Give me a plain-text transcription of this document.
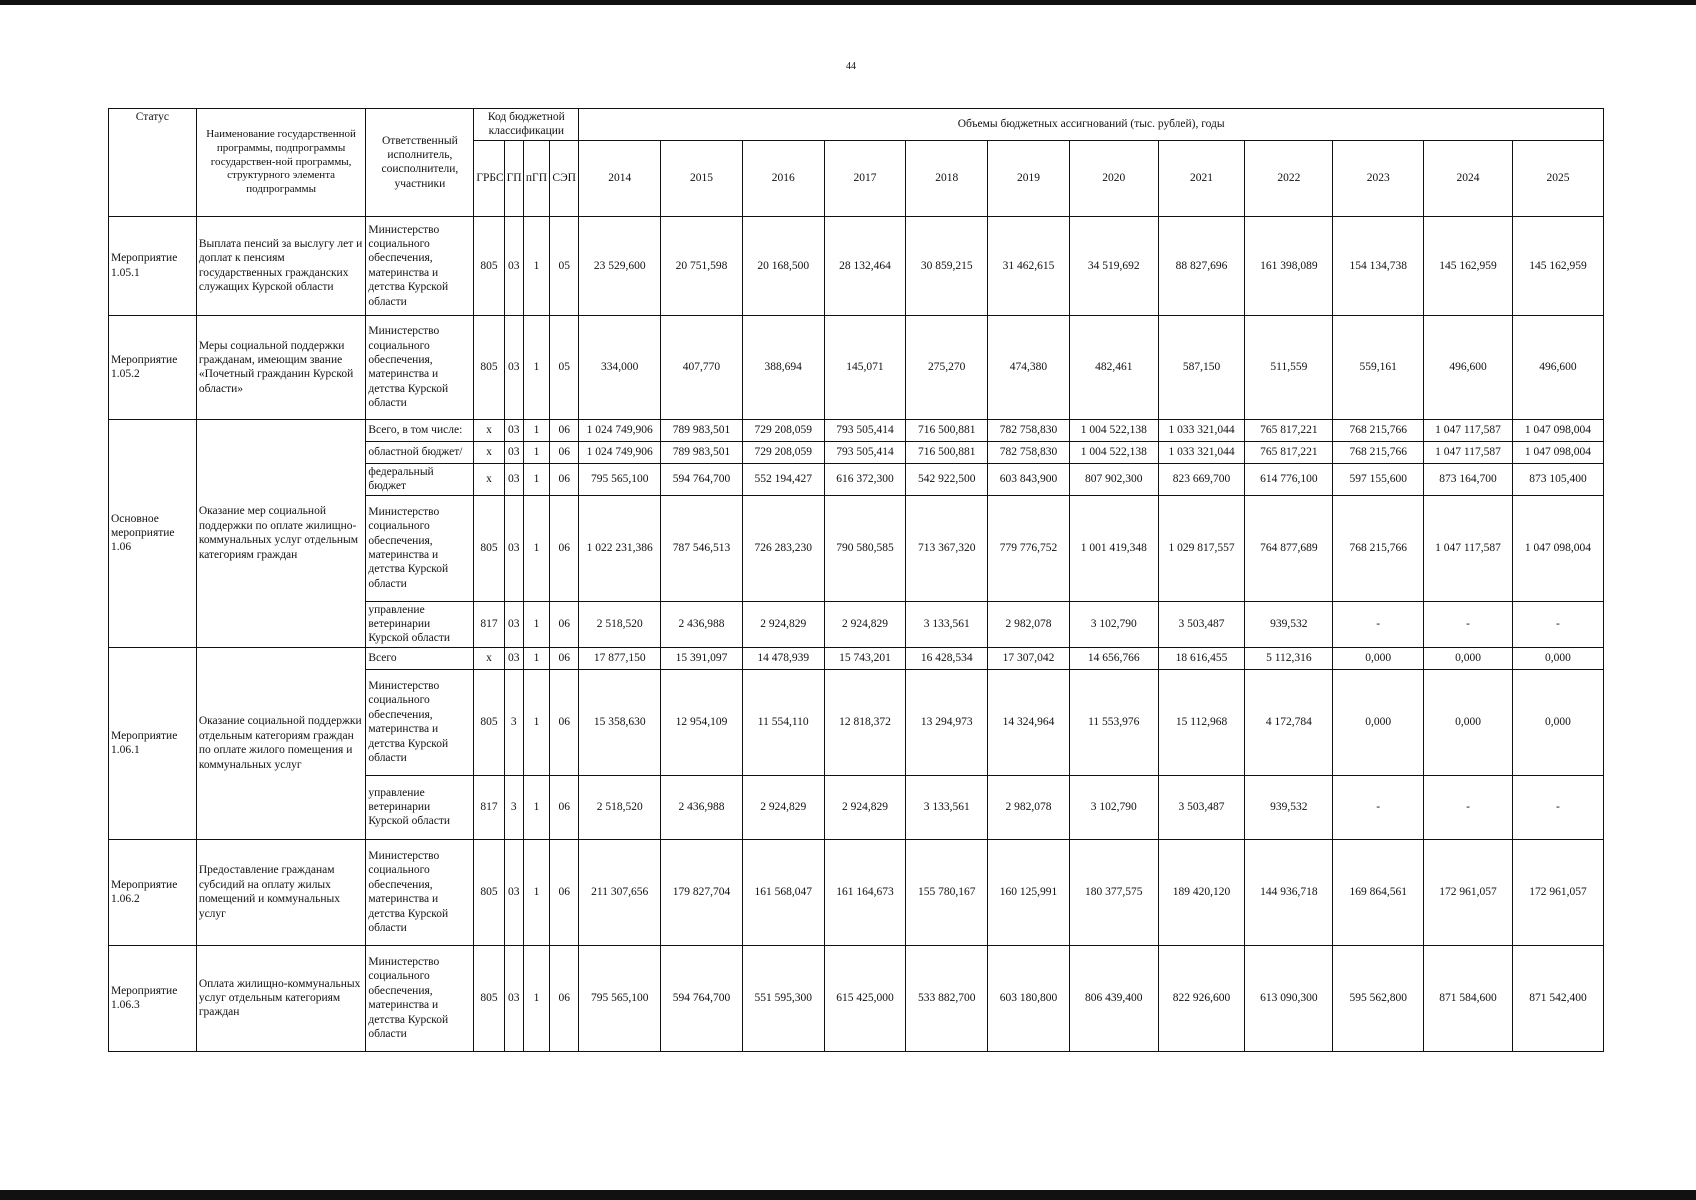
44
Статус	Наименование государственной программы, подпрограммы государствен-ной программы, структурного элемента подпрограммы	Ответственный исполнитель, соисполнители, участники	Код бюджетной классификации				Объемы бюджетных ассигнований (тыс. рублей), годы											
			ГРБС	ГП	пГП	СЭП	2014	2015	2016	2017	2018	2019	2020	2021	2022	2023	2024	2025
Мероприятие 1.05.1	Выплата пенсий за выслугу лет и доплат к пенсиям государственных гражданских служащих Курской области	Министерство социального обеспечения, материнства и детства Курской области	805	03	1	05	23 529,600	20 751,598	20 168,500	28 132,464	30 859,215	31 462,615	34 519,692	88 827,696	161 398,089	154 134,738	145 162,959	145 162,959
Мероприятие 1.05.2	Меры социальной поддержки гражданам, имеющим звание «Почетный гражданин Курской области»	Министерство социального обеспечения, материнства и детства Курской области	805	03	1	05	334,000	407,770	388,694	145,071	275,270	474,380	482,461	587,150	511,559	559,161	496,600	496,600
Основное мероприятие 1.06	Оказание мер социальной поддержки по оплате жилищно-коммунальных услуг отдельным категориям граждан	Всего, в том числе:	x	03	1	06	1 024 749,906	789 983,501	729 208,059	793 505,414	716 500,881	782 758,830	1 004 522,138	1 033 321,044	765 817,221	768 215,766	1 047 117,587	1 047 098,004
		областной бюджет/	x	03	1	06	1 024 749,906	789 983,501	729 208,059	793 505,414	716 500,881	782 758,830	1 004 522,138	1 033 321,044	765 817,221	768 215,766	1 047 117,587	1 047 098,004
		федеральный бюджет	x	03	1	06	795 565,100	594 764,700	552 194,427	616 372,300	542 922,500	603 843,900	807 902,300	823 669,700	614 776,100	597 155,600	873 164,700	873 105,400
		Министерство социального обеспечения, материнства и детства Курской области	805	03	1	06	1 022 231,386	787 546,513	726 283,230	790 580,585	713 367,320	779 776,752	1 001 419,348	1 029 817,557	764 877,689	768 215,766	1 047 117,587	1 047 098,004
		управление ветеринарии Курской области	817	03	1	06	2 518,520	2 436,988	2 924,829	2 924,829	3 133,561	2 982,078	3 102,790	3 503,487	939,532	-	-	-
Мероприятие 1.06.1	Оказание социальной поддержки отдельным категориям граждан по оплате жилого помещения и коммунальных услуг	Всего	x	03	1	06	17 877,150	15 391,097	14 478,939	15 743,201	16 428,534	17 307,042	14 656,766	18 616,455	5 112,316	0,000	0,000	0,000
		Министерство социального обеспечения, материнства и детства Курской области	805	3	1	06	15 358,630	12 954,109	11 554,110	12 818,372	13 294,973	14 324,964	11 553,976	15 112,968	4 172,784	0,000	0,000	0,000
		управление ветеринарии Курской области	817	3	1	06	2 518,520	2 436,988	2 924,829	2 924,829	3 133,561	2 982,078	3 102,790	3 503,487	939,532	-	-	-
Мероприятие 1.06.2	Предоставление гражданам субсидий на оплату жилых помещений и коммунальных услуг	Министерство социального обеспечения, материнства и детства Курской области	805	03	1	06	211 307,656	179 827,704	161 568,047	161 164,673	155 780,167	160 125,991	180 377,575	189 420,120	144 936,718	169 864,561	172 961,057	172 961,057
Мероприятие 1.06.3	Оплата жилищно-коммунальных услуг отдельным категориям граждан	Министерство социального обеспечения, материнства и детства Курской области	805	03	1	06	795 565,100	594 764,700	551 595,300	615 425,000	533 882,700	603 180,800	806 439,400	822 926,600	613 090,300	595 562,800	871 584,600	871 542,400
